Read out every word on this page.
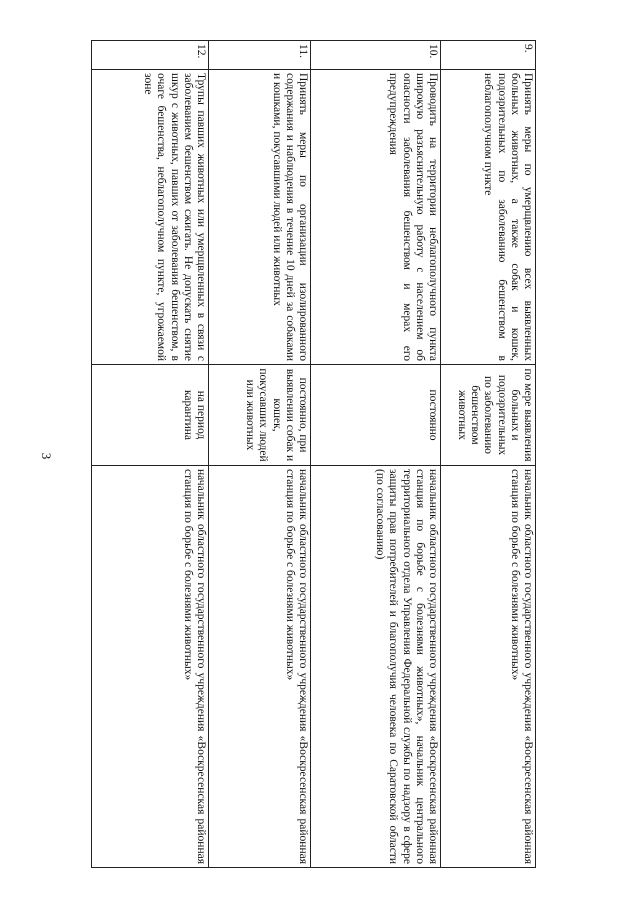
3
9.	Принять меры по умерщвлению всех выявленных больных животных, а также собак и кошек, подозрительных по заболеванию бешенством в неблагополучном пункте	по мере выявления больных и подозрительных по заболеванию бешенством животных	начальник областного государственного учреждения «Воскресенская районная станция по борьбе с болезнями животных»
10.	Проводить на территории неблагополучного пункта широкую разъяснительную работу с населением об опасности заболевания бешенством и мерах его предупреждения	постоянно	начальник областного государственного учреждения «Воскресенская районная станция по борьбе с болезнями животных», начальник центрального территориального отдела Управления Федеральной службы по надзору в сфере защиты прав потребителей и благополучия человека по Саратовской области (по согласованию)
11.	Принять меры по организации изолированного содержания и наблюдения в течение 10 дней за собаками и кошками, покусавшими людей или животных	постоянно, при выявлении собак и кошек, покусавших людей или животных	начальник областного государственного учреждения «Воскресенская районная станция по борьбе с болезнями животных»
12.	Трупы павших животных или умерщвленных в связи с заболеванием бешенством сжигать. Не допускать снятие шкур с животных, павших от заболевания бешенством, в очаге бешенства, неблагополучном пункте, угрожаемой зоне	на период карантина	начальник областного государственного учреждения «Воскресенская районная станция по борьбе с болезнями животных»
